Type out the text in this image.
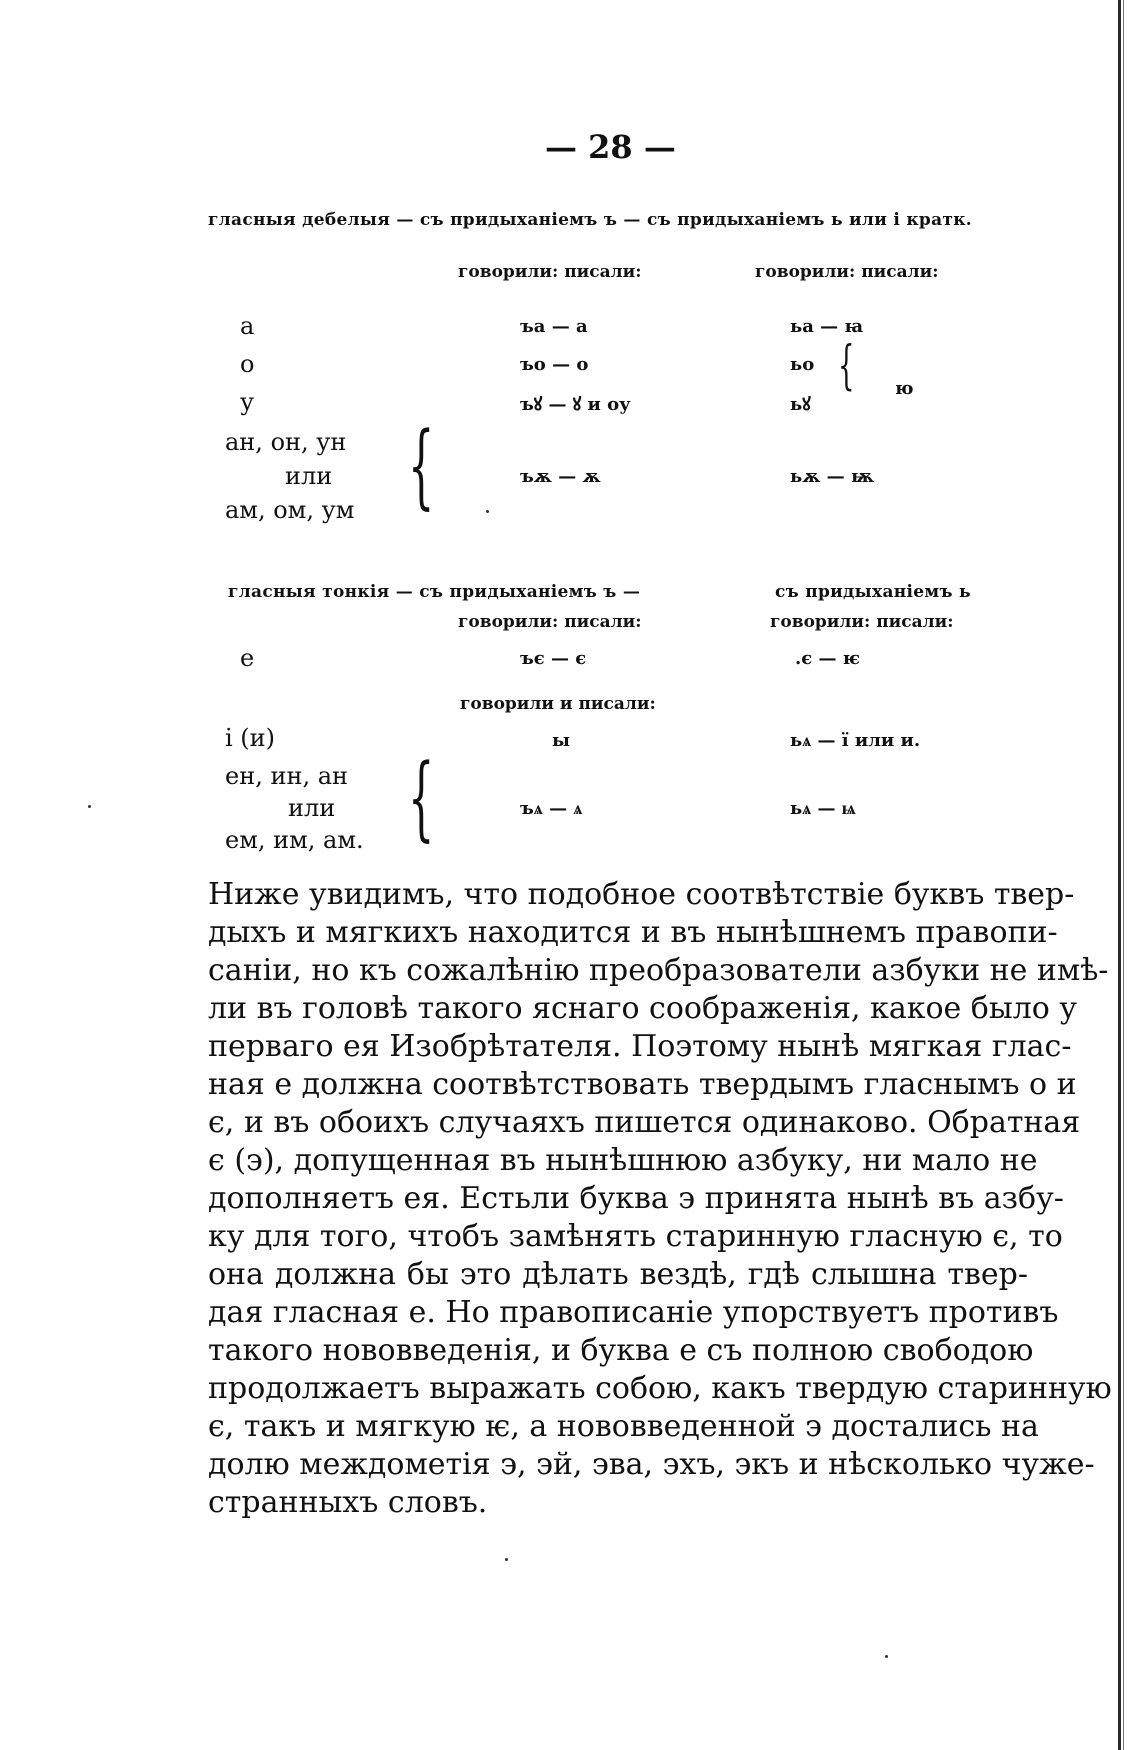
— 28 —
гласныя дебелыя — съ придыханіемъ ъ — съ придыханіемъ ь или і кратк.
говорили: писали:	говорили: писали:
а	ъа — а	ьа — ꙗ
о	ъо — о	ьо
у	ъꙋ — ꙋ и оу	ьꙋ
{ ю
ан, он, ун
или
ам, ом, ум {	ъѫ — ѫ	ьѫ — ѭ
гласныя тонкія — съ придыханіемъ ъ —	съ придыханіемъ ь
говорили: писали:	говорили: писали:
е	ъє — є	.є — ѥ
говорили и писали:
і (и)	ы	ьѧ — ї или и.
ен, ин, ан
или
ем, им, ам. {	ъѧ — ѧ	ьѧ — ѩ
Ниже увидимъ, что подобное соотвѣтствіе буквъ твер-
дыхъ и мягкихъ находится и въ нынѣшнемъ правопи-
саніи, но къ сожалѣнію преобразователи азбуки не имѣ-
ли въ головѣ такого яснаго соображенія, какое было у
перваго ея Изобрѣтателя. Поэтому нынѣ мягкая глас-
ная е должна соотвѣтствовать твердымъ гласнымъ о и
є, и въ обоихъ случаяхъ пишется одинаково. Обратная
є (э), допущенная въ нынѣшнюю азбуку, ни мало не
дополняетъ ея. Естьли буква э принята нынѣ въ азбу-
ку для того, чтобъ замѣнять старинную гласную є, то
она должна бы это дѣлать вездѣ, гдѣ слышна твер-
дая гласная е. Но правописаніе упорствуетъ противъ
такого нововведенія, и буква е съ полною свободою
продолжаетъ выражать собою, какъ твердую старинную
є, такъ и мягкую ѥ, а нововведенной э достались на
долю междометія э, эй, эва, эхъ, экъ и нѣсколько чуже-
странныхъ словъ.
